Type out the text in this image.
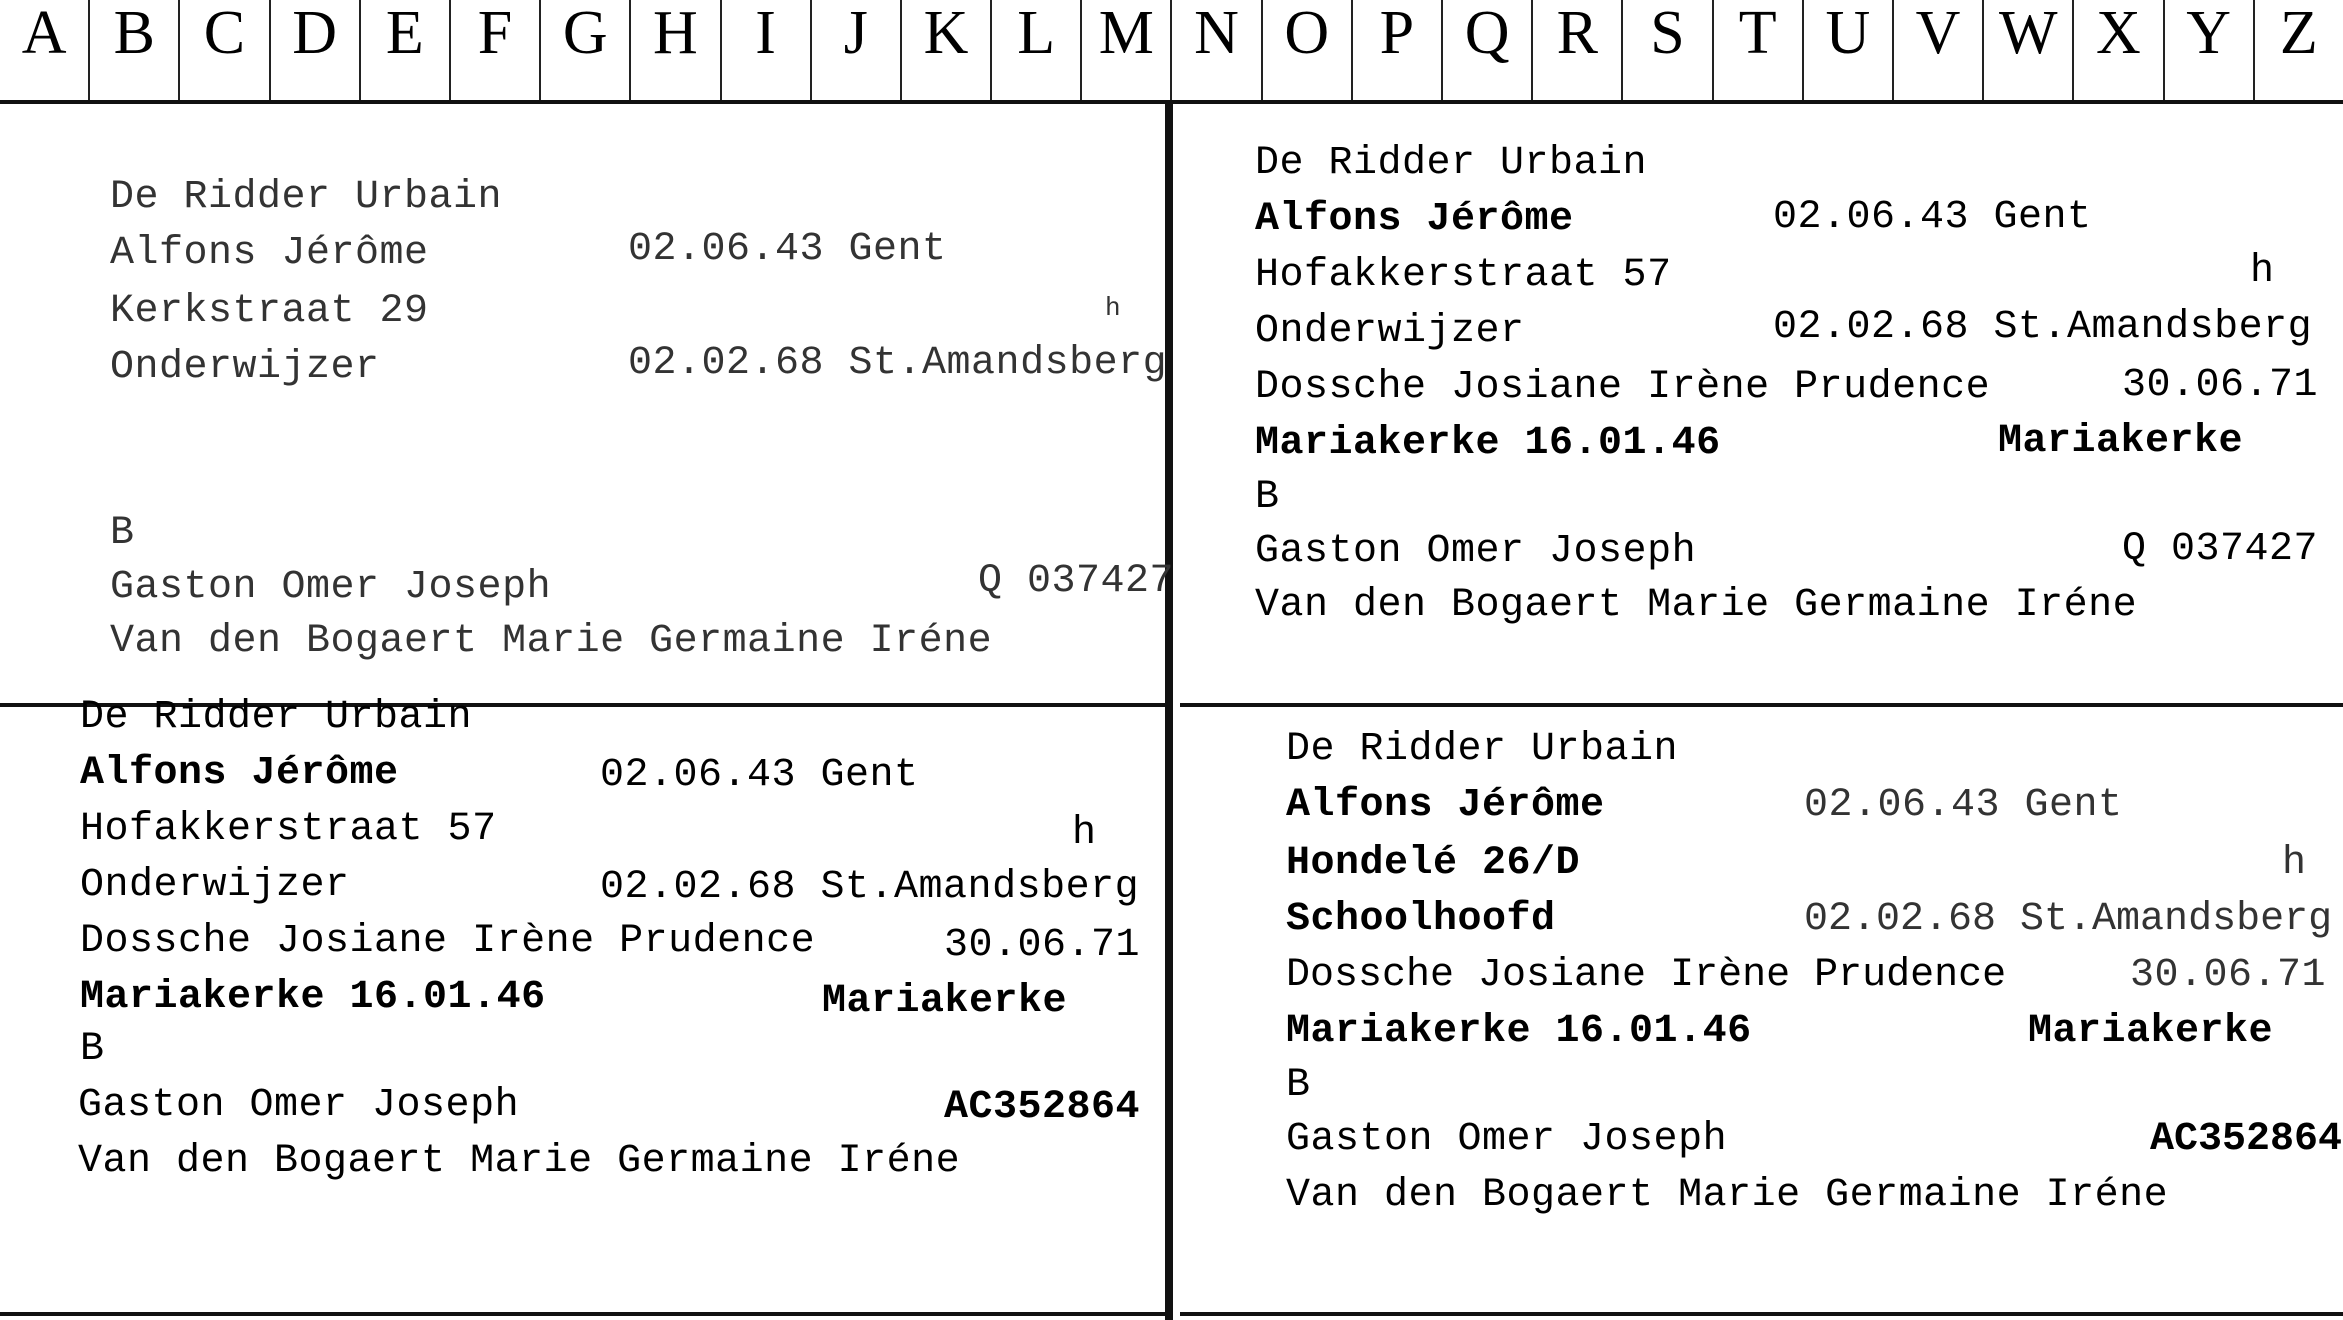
A B C D E F G H I	J K L M N O P Q R S T U V W X Y Z
De Ridder Urbain
Alfons Jérôme	02.06.43 Gent
Kerkstraat 29	h
Onderwijzer	02.02.68 St.Amandsberg
B
Gaston Omer Joseph	Q 037427
Van den Bogaert Marie Germaine Iréne
De Ridder Urbain
Alfons Jérôme	02.06.43 Gent
Hofakkerstraat 57	h
Onderwijzer	02.02.68 St.Amandsberg
Dossche Josiane Irène Prudence	30.06.71
Mariakerke 16.01.46	Mariakerke
B
Gaston Omer Joseph	Q 037427
Van den Bogaert Marie Germaine Iréne
De Ridder Urbain
Alfons Jérôme	02.06.43 Gent
Hofakkerstraat 57	h
Onderwijzer	02.02.68 St.Amandsberg
Dossche Josiane Irène Prudence	30.06.71
Mariakerke 16.01.46	Mariakerke
B
Gaston Omer Joseph	AC352864
Van den Bogaert Marie Germaine Iréne
De Ridder Urbain
Alfons Jérôme	02.06.43 Gent
Hondelé 26/D	h
Schoolhoofd	02.02.68 St.Amandsberg
Dossche Josiane Irène Prudence	30.06.71
Mariakerke 16.01.46	Mariakerke
B
Gaston Omer Joseph	AC352864
Van den Bogaert Marie Germaine Iréne
